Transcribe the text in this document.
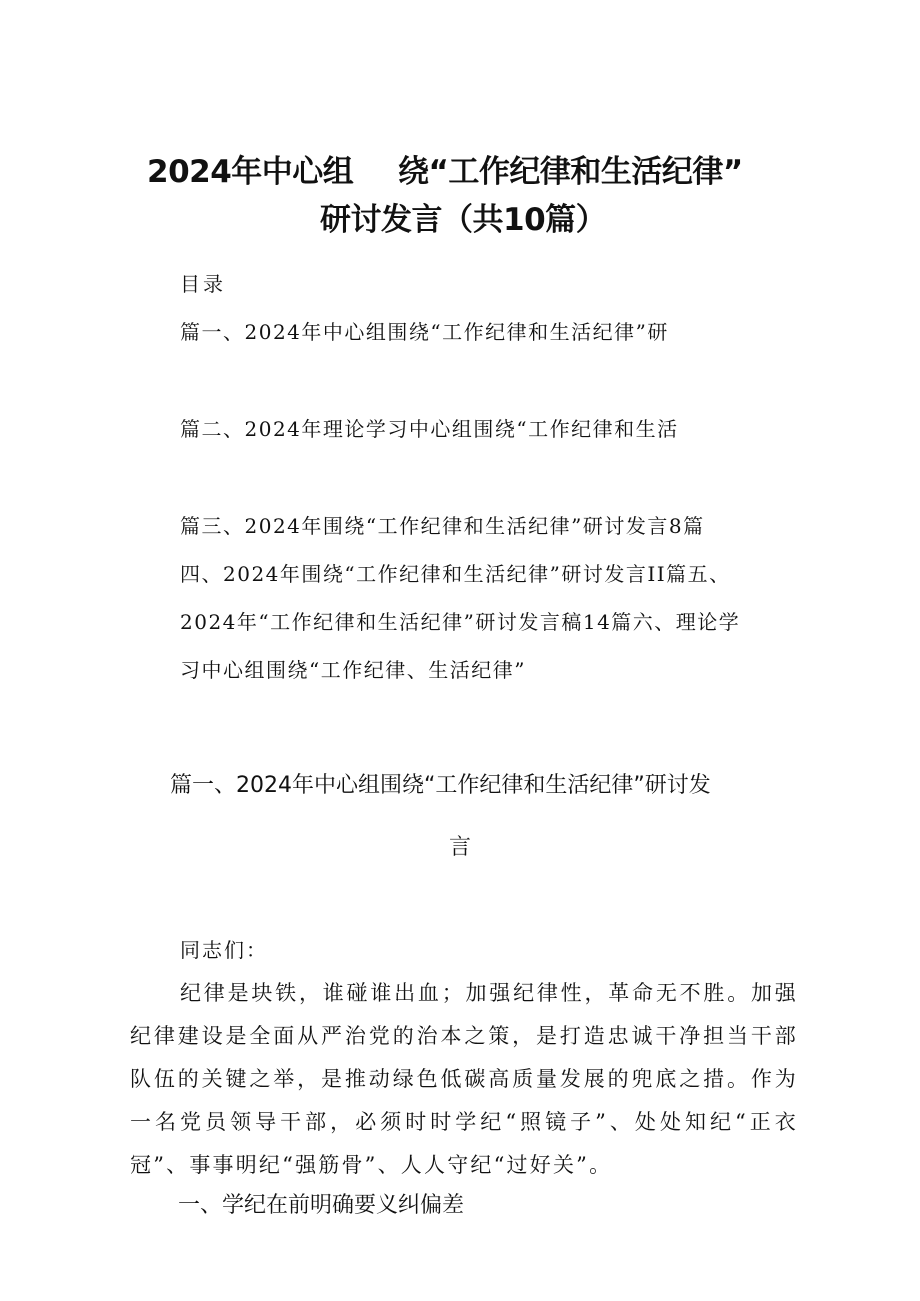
2024年中心组 绕“工作纪律和生活纪律”
研讨发言（共10篇）
目录
篇一、2024年中心组围绕“工作纪律和生活纪律”研
篇二、2024年理论学习中心组围绕“工作纪律和生活
篇三、2024年围绕“工作纪律和生活纪律”研讨发言8篇
四、2024年围绕“工作纪律和生活纪律”研讨发言II篇五、
2024年“工作纪律和生活纪律”研讨发言稿14篇六、理论学
习中心组围绕“工作纪律、生活纪律”
篇一、2024年中心组围绕“工作纪律和生活纪律”研讨发
言
同志们：

纪律是块铁，谁碰谁出血；加强纪律性，革命无不胜。加强纪律建设是全面从严治党的治本之策，是打造忠诚干净担当干部队伍的关键之举，是推动绿色低碳高质量发展的兜底之措。作为一名党员领导干部，必须时时学纪“照镜子”、处处知纪“正衣冠”、事事明纪“强筋骨”、人人守纪“过好关”。

一、学纪在前明确要义纠偏差
